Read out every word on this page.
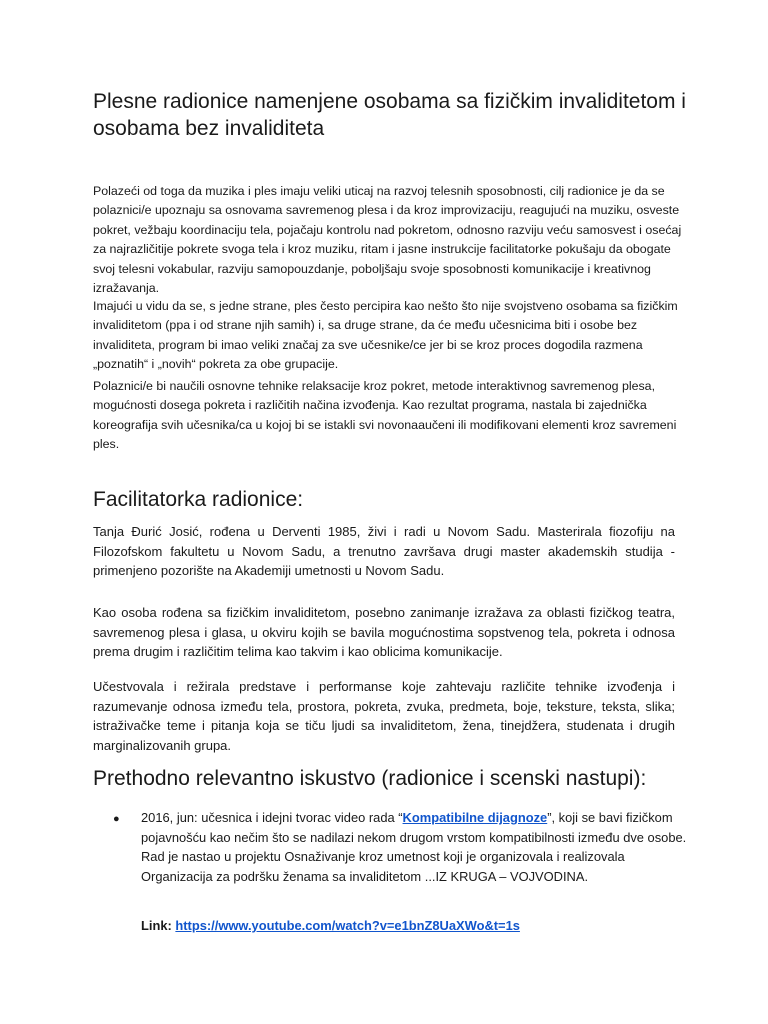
Plesne radionice namenjene osobama sa fizičkim invaliditetom i osobama bez invaliditeta

Polazeći od toga da muzika i ples imaju veliki uticaj na razvoj telesnih sposobnosti, cilj radionice je da se polaznici/e upoznaju sa osnovama savremenog plesa i da kroz improvizaciju, reagujući na muziku, osveste pokret, vežbaju koordinaciju tela, pojačaju kontrolu nad pokretom, odnosno razviju veću samosvest i osećaj za najrazličitije pokrete svoga tela i kroz muziku, ritam i jasne instrukcije facilitatorke pokušaju da obogate svoj telesni vokabular, razviju samopouzdanje, poboljšaju svoje sposobnosti komunikacije i kreativnog izražavanja.

Imajući u vidu da se, s jedne strane, ples često percipira kao nešto što nije svojstveno osobama sa fizičkim invaliditetom (ppa i od strane njih samih) i, sa druge strane, da će među učesnicima biti i osobe bez invaliditeta, program bi imao veliki značaj za sve učesnike/ce jer bi se kroz proces dogodila razmena „poznatih“ i „novih“ pokreta za obe grupacije.

Polaznici/e bi naučili osnovne tehnike relaksacije kroz pokret, metode interaktivnog savremenog plesa, mogućnosti dosega pokreta i različitih načina izvođenja. Kao rezultat programa, nastala bi zajednička koreografija svih učesnika/ca u kojoj bi se istakli svi novonaaučeni ili modifikovani elementi kroz savremeni ples.

Facilitatorka radionice:

Tanja Đurić Josić, rođena u Derventi 1985, živi i radi u Novom Sadu. Masterirala fiozofiju na Filozofskom fakultetu u Novom Sadu, a trenutno završava drugi master akademskih studija - primenjeno pozorište na Akademiji umetnosti u Novom Sadu.

Kao osoba rođena sa fizičkim invaliditetom, posebno zanimanje izražava za oblasti fizičkog teatra, savremenog plesa i glasa, u okviru kojih se bavila mogućnostima sopstvenog tela, pokreta i odnosa prema drugim i različitim telima kao takvim i kao oblicima komunikacije.

Učestvovala i režirala predstave i performanse koje zahtevaju različite tehnike izvođenja i razumevanje odnosa između tela, prostora, pokreta, zvuka, predmeta, boje, teksture, teksta, slika; istraživačke teme i pitanja koja se tiču ljudi sa invaliditetom, žena, tinejdžera, studenata i drugih marginalizovanih grupa.

Prethodno relevantno iskustvo (radionice i scenski nastupi):
● 2016, jun: učesnica i idejni tvorac video rada “Kompatibilne dijagnoze”, koji se bavi fizičkom pojavnošću kao nečim što se nadilazi nekom drugom vrstom kompatibilnosti između dve osobe. Rad je nastao u projektu Osnaživanje kroz umetnost koji je organizovala i realizovala Organizacija za podršku ženama sa invaliditetom ...IZ KRUGA – VOJVODINA.

Link: https://www.youtube.com/watch?v=e1bnZ8UaXWo&t=1s
